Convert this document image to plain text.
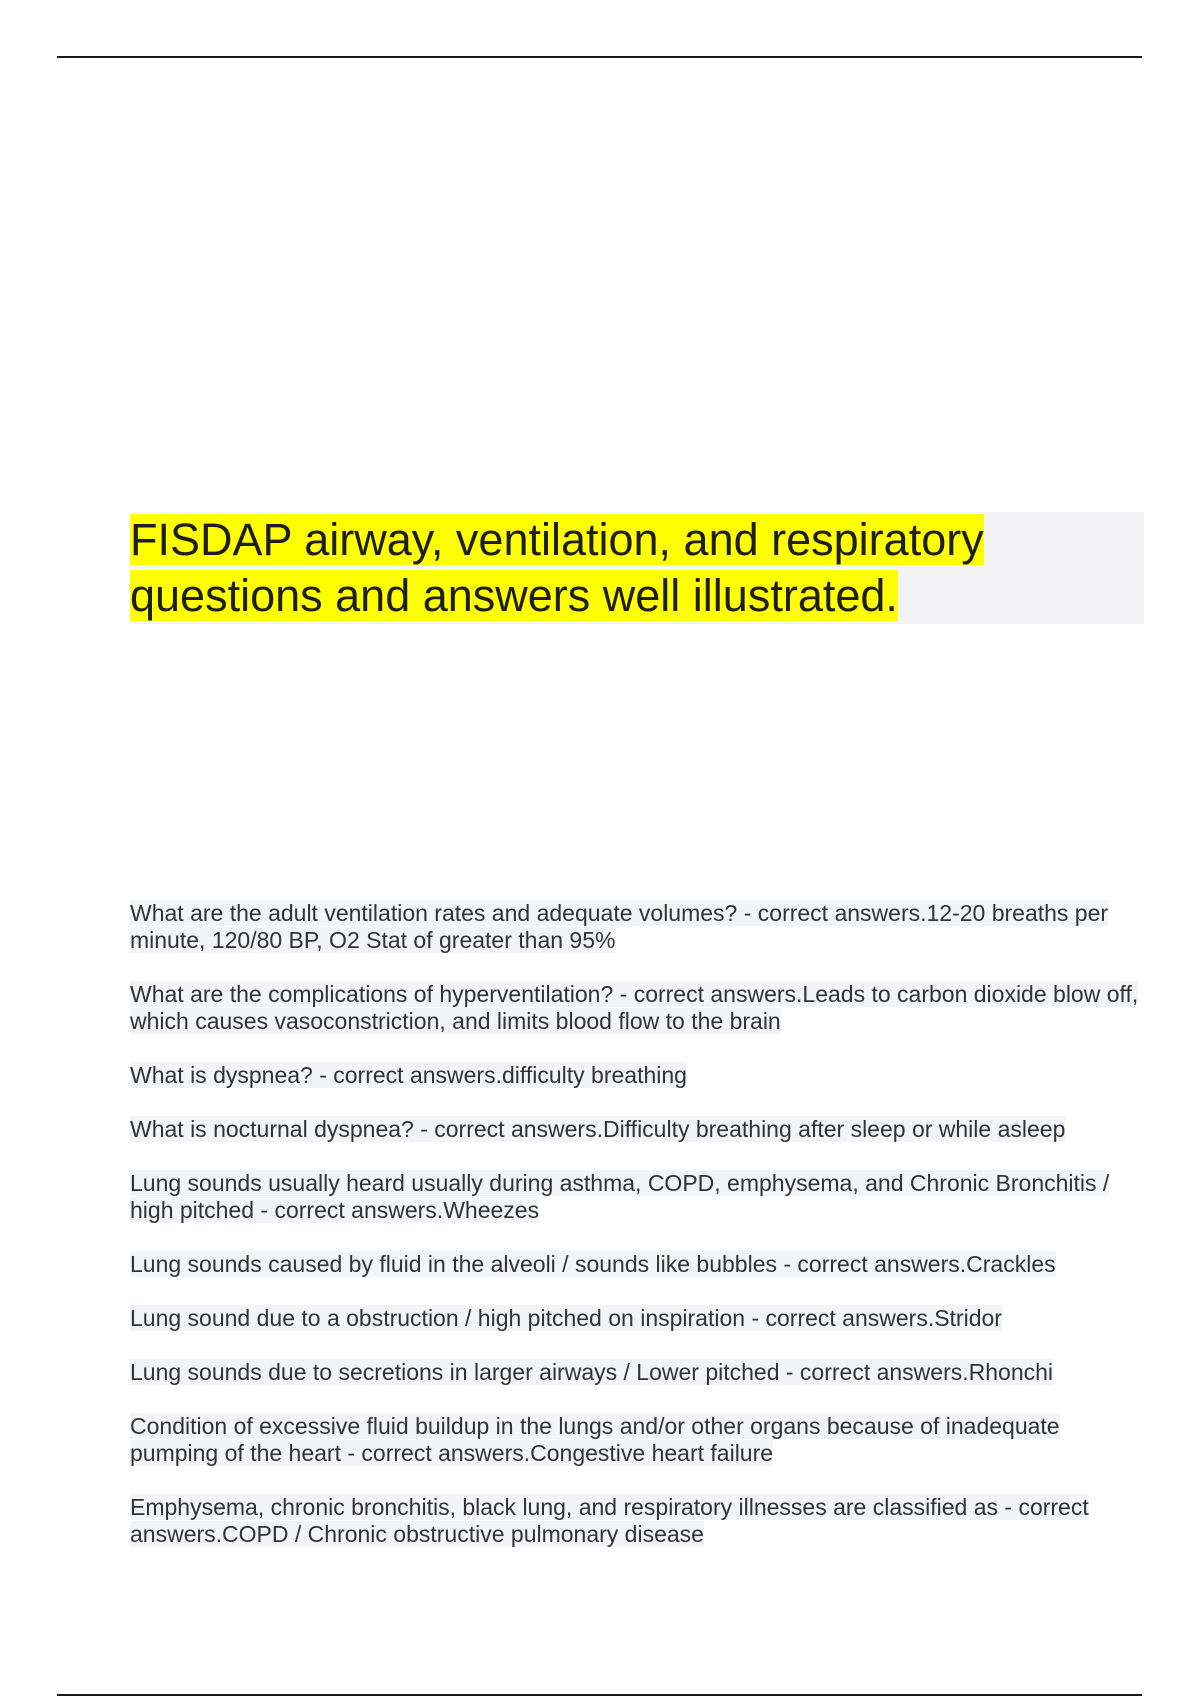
FISDAP airway, ventilation, and respiratory questions and answers well illustrated.
What are the adult ventilation rates and adequate volumes? - correct answers.12-20 breaths per minute, 120/80 BP, O2 Stat of greater than 95%
What are the complications of hyperventilation? - correct answers.Leads to carbon dioxide blow off, which causes vasoconstriction, and limits blood flow to the brain
What is dyspnea? - correct answers.difficulty breathing
What is nocturnal dyspnea? - correct answers.Difficulty breathing after sleep or while asleep
Lung sounds usually heard usually during asthma, COPD, emphysema, and Chronic Bronchitis / high pitched - correct answers.Wheezes
Lung sounds caused by fluid in the alveoli / sounds like bubbles - correct answers.Crackles
Lung sound due to a obstruction / high pitched on inspiration - correct answers.Stridor
Lung sounds due to secretions in larger airways / Lower pitched - correct answers.Rhonchi
Condition of excessive fluid buildup in the lungs and/or other organs because of inadequate pumping of the heart - correct answers.Congestive heart failure
Emphysema, chronic bronchitis, black lung, and respiratory illnesses are classified as - correct answers.COPD / Chronic obstructive pulmonary disease
